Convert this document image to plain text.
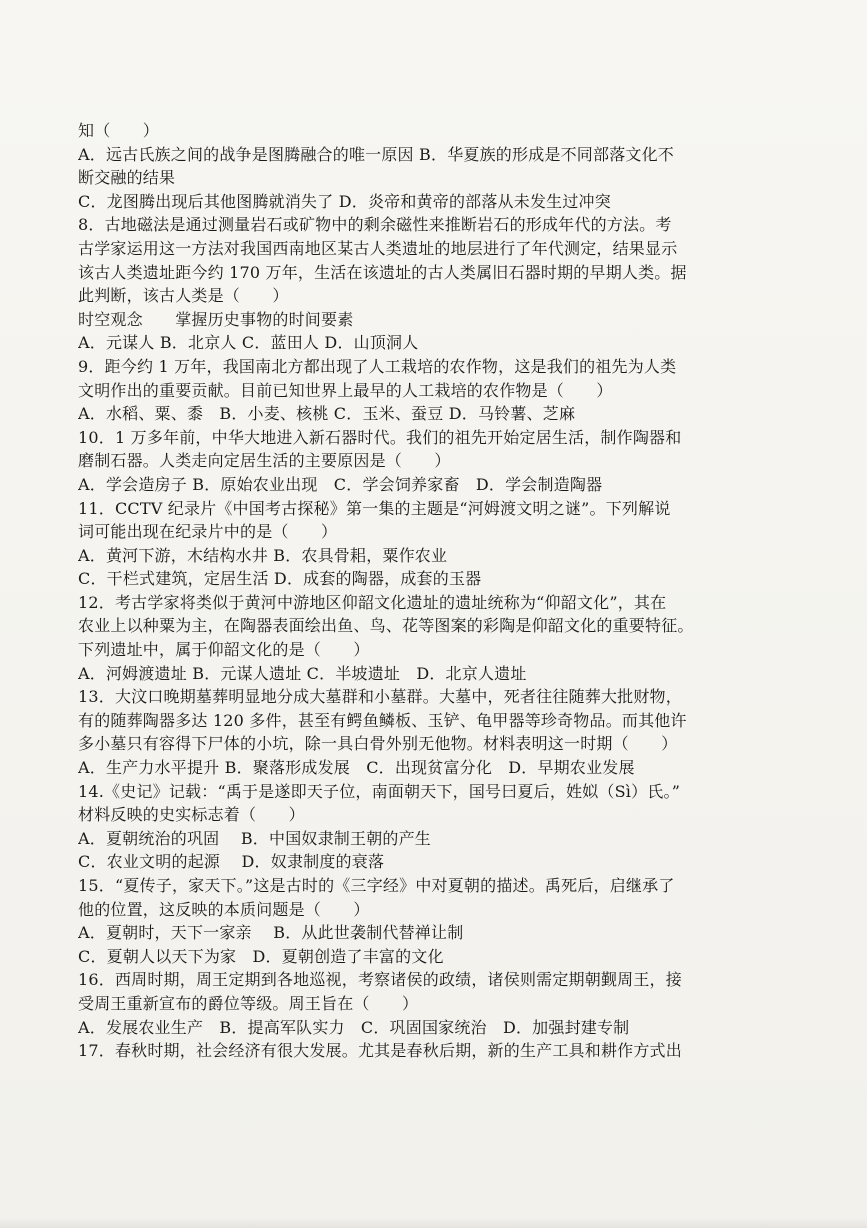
知（　　）
A．远古氏族之间的战争是图腾融合的唯一原因 B．华夏族的形成是不同部落文化不
断交融的结果
C．龙图腾出现后其他图腾就消失了 D．炎帝和黄帝的部落从未发生过冲突
8．古地磁法是通过测量岩石或矿物中的剩余磁性来推断岩石的形成年代的方法。考
古学家运用这一方法对我国西南地区某古人类遗址的地层进行了年代测定，结果显示
该古人类遗址距今约 170 万年，生活在该遗址的古人类属旧石器时期的早期人类。据
此判断，该古人类是（　　）
时空观念　　掌握历史事物的时间要素
A．元谋人 B．北京人 C．蓝田人 D．山顶洞人
9．距今约 1 万年，我国南北方都出现了人工栽培的农作物，这是我们的祖先为人类
文明作出的重要贡献。目前已知世界上最早的人工栽培的农作物是（　　）
A．水稻、粟、黍　B．小麦、核桃 C．玉米、蚕豆 D．马铃薯、芝麻
10．1 万多年前，中华大地进入新石器时代。我们的祖先开始定居生活，制作陶器和
磨制石器。人类走向定居生活的主要原因是（　　）
A．学会造房子 B．原始农业出现　C．学会饲养家畜　D．学会制造陶器
11．CCTV 纪录片《中国考古探秘》第一集的主题是“河姆渡文明之谜”。下列解说
词可能出现在纪录片中的是（　　）
A．黄河下游，木结构水井 B．农具骨耜，粟作农业
C．干栏式建筑，定居生活 D．成套的陶器，成套的玉器
12．考古学家将类似于黄河中游地区仰韶文化遗址的遗址统称为“仰韶文化”，其在
农业上以种粟为主，在陶器表面绘出鱼、鸟、花等图案的彩陶是仰韶文化的重要特征。
下列遗址中，属于仰韶文化的是（　　）
A．河姆渡遗址 B．元谋人遗址 C．半坡遗址　D．北京人遗址
13．大汶口晚期墓葬明显地分成大墓群和小墓群。大墓中，死者往往随葬大批财物，
有的随葬陶器多达 120 多件，甚至有鳄鱼鳞板、玉铲、龟甲器等珍奇物品。而其他许
多小墓只有容得下尸体的小坑，除一具白骨外别无他物。材料表明这一时期（　　）
A．生产力水平提升 B．聚落形成发展　C．出现贫富分化　D．早期农业发展
14.《史记》记载：“禹于是遂即天子位，南面朝天下，国号曰夏后，姓姒（Sì）氏。”
材料反映的史实标志着（　　）
A．夏朝统治的巩固　 B．中国奴隶制王朝的产生
C．农业文明的起源　 D．奴隶制度的衰落
15．“夏传子，家天下。”这是古时的《三字经》中对夏朝的描述。禹死后，启继承了
他的位置，这反映的本质问题是（　　）
A．夏朝时，天下一家亲　 B．从此世袭制代替禅让制
C．夏朝人以天下为家　D．夏朝创造了丰富的文化
16．西周时期，周王定期到各地巡视，考察诸侯的政绩，诸侯则需定期朝觐周王，接
受周王重新宣布的爵位等级。周王旨在（　　）
A．发展农业生产　B．提高军队实力　C．巩固国家统治　D．加强封建专制
17．春秋时期，社会经济有很大发展。尤其是春秋后期，新的生产工具和耕作方式出
